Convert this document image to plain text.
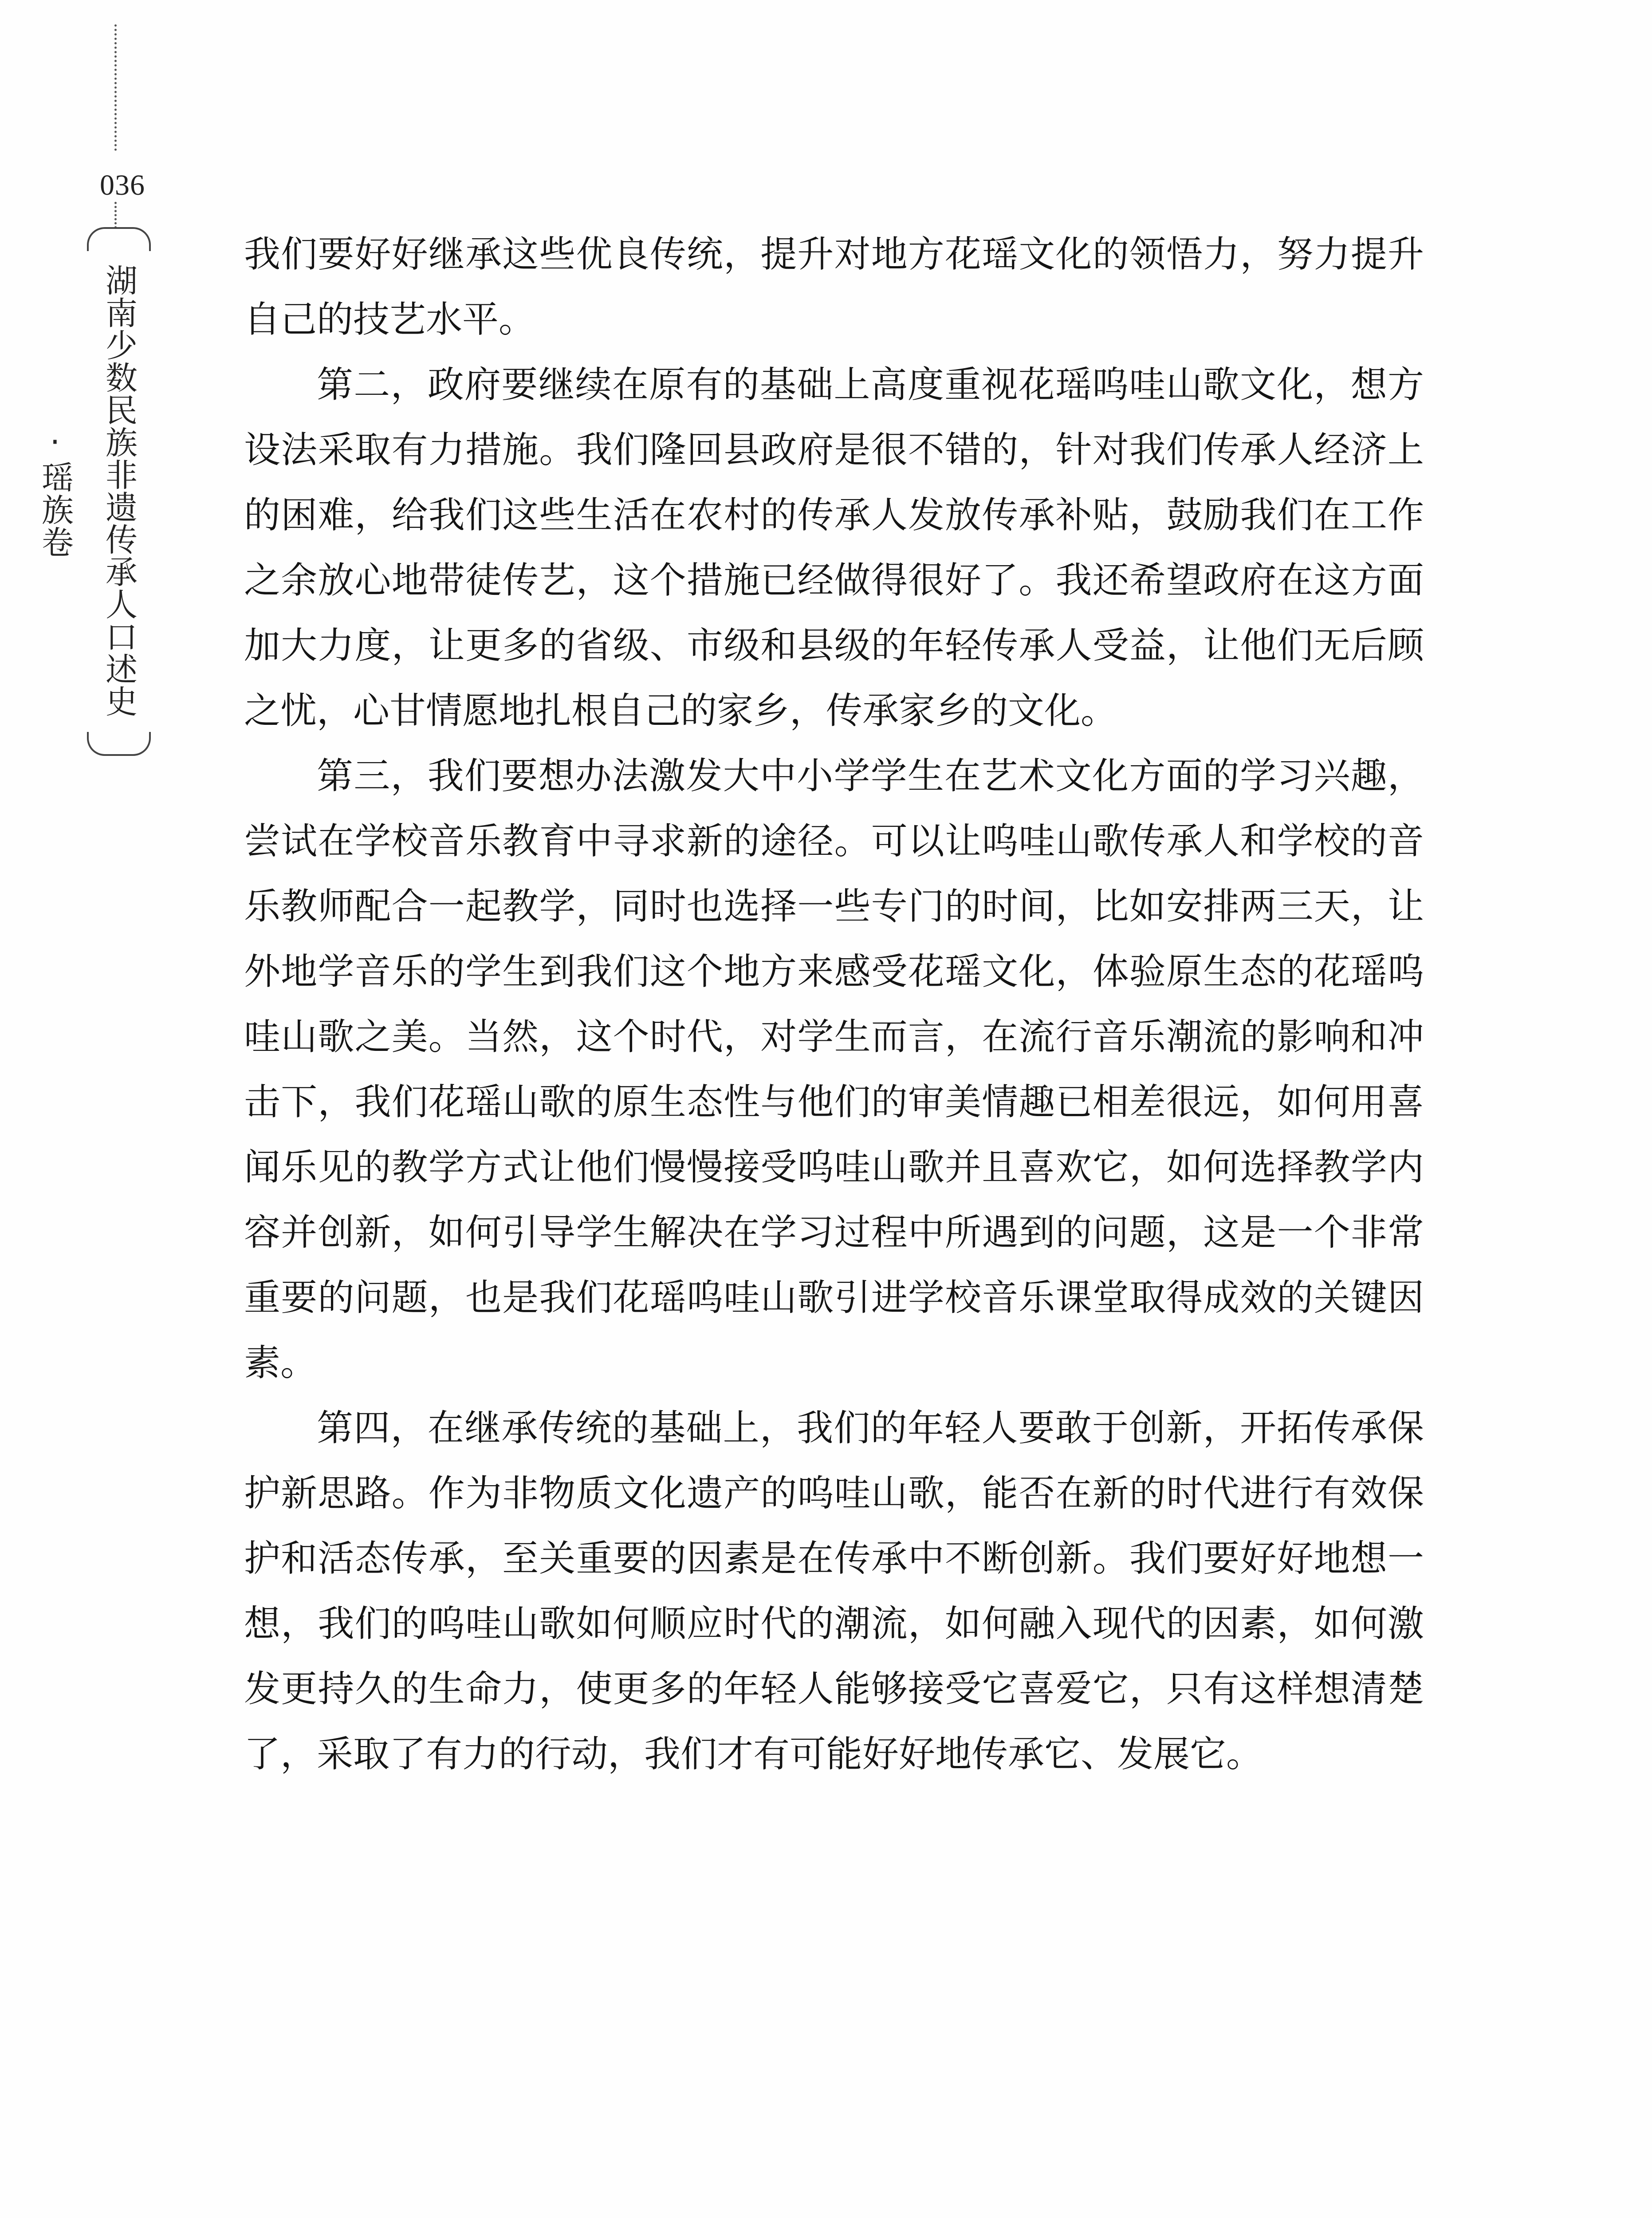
036
湖南少数民族非遗传承人口述史·瑶族卷

我们要好好继承这些优良传统，提升对地方花瑶文化的领悟力，努力提升自己的技艺水平。

第二，政府要继续在原有的基础上高度重视花瑶呜哇山歌文化，想方设法采取有力措施。我们隆回县政府是很不错的，针对我们传承人经济上的困难，给我们这些生活在农村的传承人发放传承补贴，鼓励我们在工作之余放心地带徒传艺，这个措施已经做得很好了。我还希望政府在这方面加大力度，让更多的省级、市级和县级的年轻传承人受益，让他们无后顾之忧，心甘情愿地扎根自己的家乡，传承家乡的文化。

第三，我们要想办法激发大中小学学生在艺术文化方面的学习兴趣，尝试在学校音乐教育中寻求新的途径。可以让呜哇山歌传承人和学校的音乐教师配合一起教学，同时也选择一些专门的时间，比如安排两三天，让外地学音乐的学生到我们这个地方来感受花瑶文化，体验原生态的花瑶呜哇山歌之美。当然，这个时代，对学生而言，在流行音乐潮流的影响和冲击下，我们花瑶山歌的原生态性与他们的审美情趣已相差很远，如何用喜闻乐见的教学方式让他们慢慢接受呜哇山歌并且喜欢它，如何选择教学内容并创新，如何引导学生解决在学习过程中所遇到的问题，这是一个非常重要的问题，也是我们花瑶呜哇山歌引进学校音乐课堂取得成效的关键因素。

第四，在继承传统的基础上，我们的年轻人要敢于创新，开拓传承保护新思路。作为非物质文化遗产的呜哇山歌，能否在新的时代进行有效保护和活态传承，至关重要的因素是在传承中不断创新。我们要好好地想一想，我们的呜哇山歌如何顺应时代的潮流，如何融入现代的因素，如何激发更持久的生命力，使更多的年轻人能够接受它喜爱它，只有这样想清楚了，采取了有力的行动，我们才有可能好好地传承它、发展它。
